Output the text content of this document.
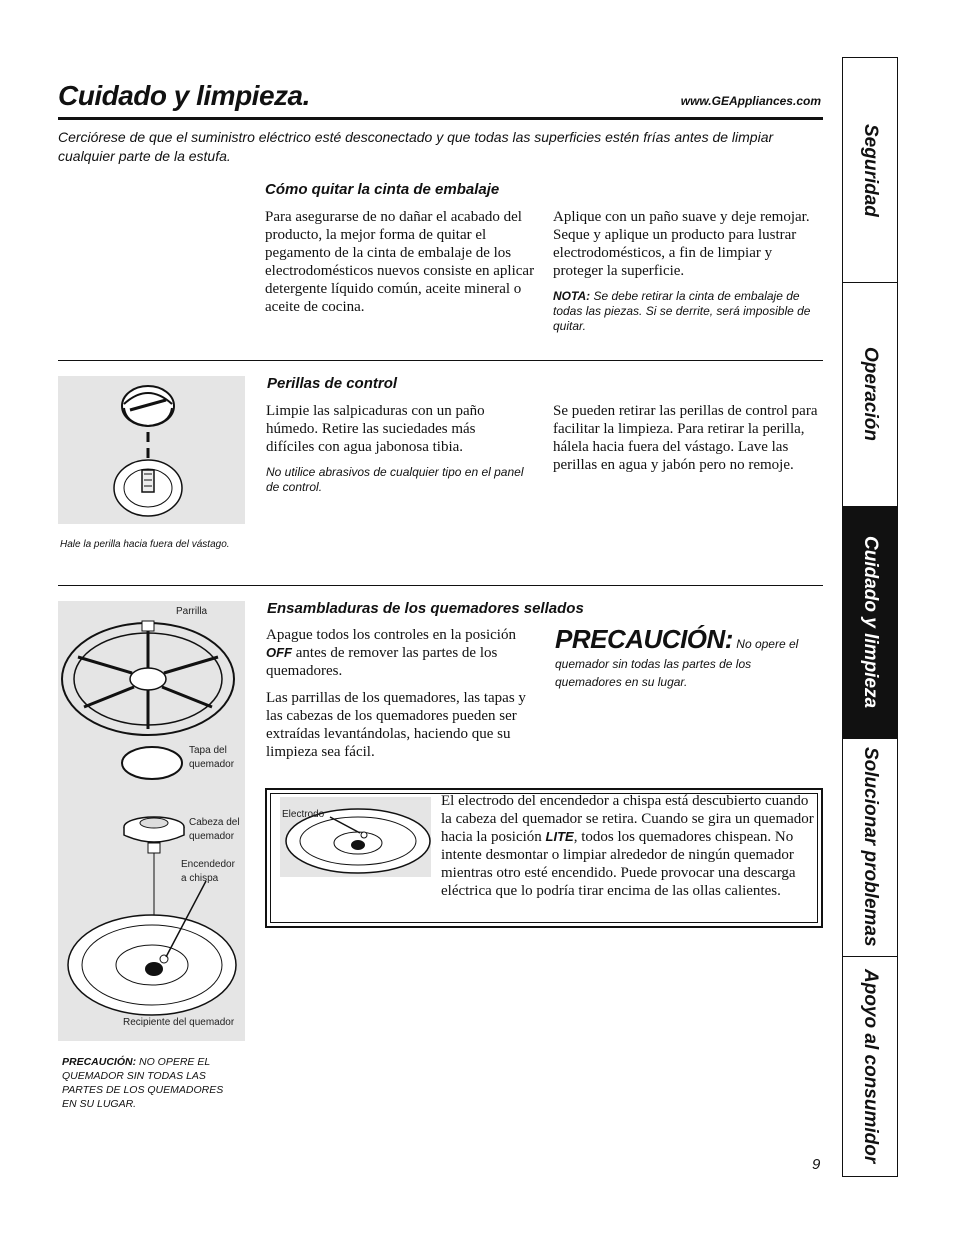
Cuidado y limpieza.	www.GEAppliances.com
Cerciórese de que el suministro eléctrico esté desconectado y que todas las superficies estén frías antes de limpiar cualquier parte de la estufa.
Cómo quitar la cinta de embalaje
Para asegurarse de no dañar el acabado del producto, la mejor forma de quitar el pegamento de la cinta de embalaje de los electrodomésticos nuevos consiste en aplicar detergente líquido común, aceite mineral o aceite de cocina.
Aplique con un paño suave y deje remojar. Seque y aplique un producto para lustrar electrodomésticos, a fin de limpiar y proteger la superficie.
NOTA: Se debe retirar la cinta de embalaje de todas las piezas. Si se derrite, será imposible de quitar.
Hale la perilla hacia fuera del vástago.
Perillas de control
Limpie las salpicaduras con un paño húmedo. Retire las suciedades más difíciles con agua jabonosa tibia.
No utilice abrasivos de cualquier tipo en el panel de control.
Se pueden retirar las perillas de control para facilitar la limpieza. Para retirar la perilla, hálela hacia fuera del vástago. Lave las perillas en agua y jabón pero no remoje.
Parrilla
Tapa del quemador
Cabeza del quemador
Encendedor a chispa
Recipiente del quemador
PRECAUCIÓN: NO OPERE EL QUEMADOR SIN TODAS LAS PARTES DE LOS QUEMADORES EN SU LUGAR.
Ensambladuras de los quemadores sellados
Apague todos los controles en la posición OFF antes de remover las partes de los quemadores.
Las parrillas de los quemadores, las tapas y las cabezas de los quemadores pueden ser extraídas levantándolas, haciendo que su limpieza sea fácil.
PRECAUCIÓN: No opere el quemador sin todas las partes de los quemadores en su lugar.
Electrodo
El electrodo del encendedor a chispa está descubierto cuando la cabeza del quemador se retira. Cuando se gira un quemador hacia la posición LITE, todos los quemadores chispean. No intente desmontar o limpiar alrededor de ningún quemador mientras otro esté encendido. Puede provocar una descarga eléctrica que lo podría tirar encima de las ollas calientes.
9
Seguridad
Operación
Cuidado y limpieza
Solucionar problemas
Apoyo al consumidor
